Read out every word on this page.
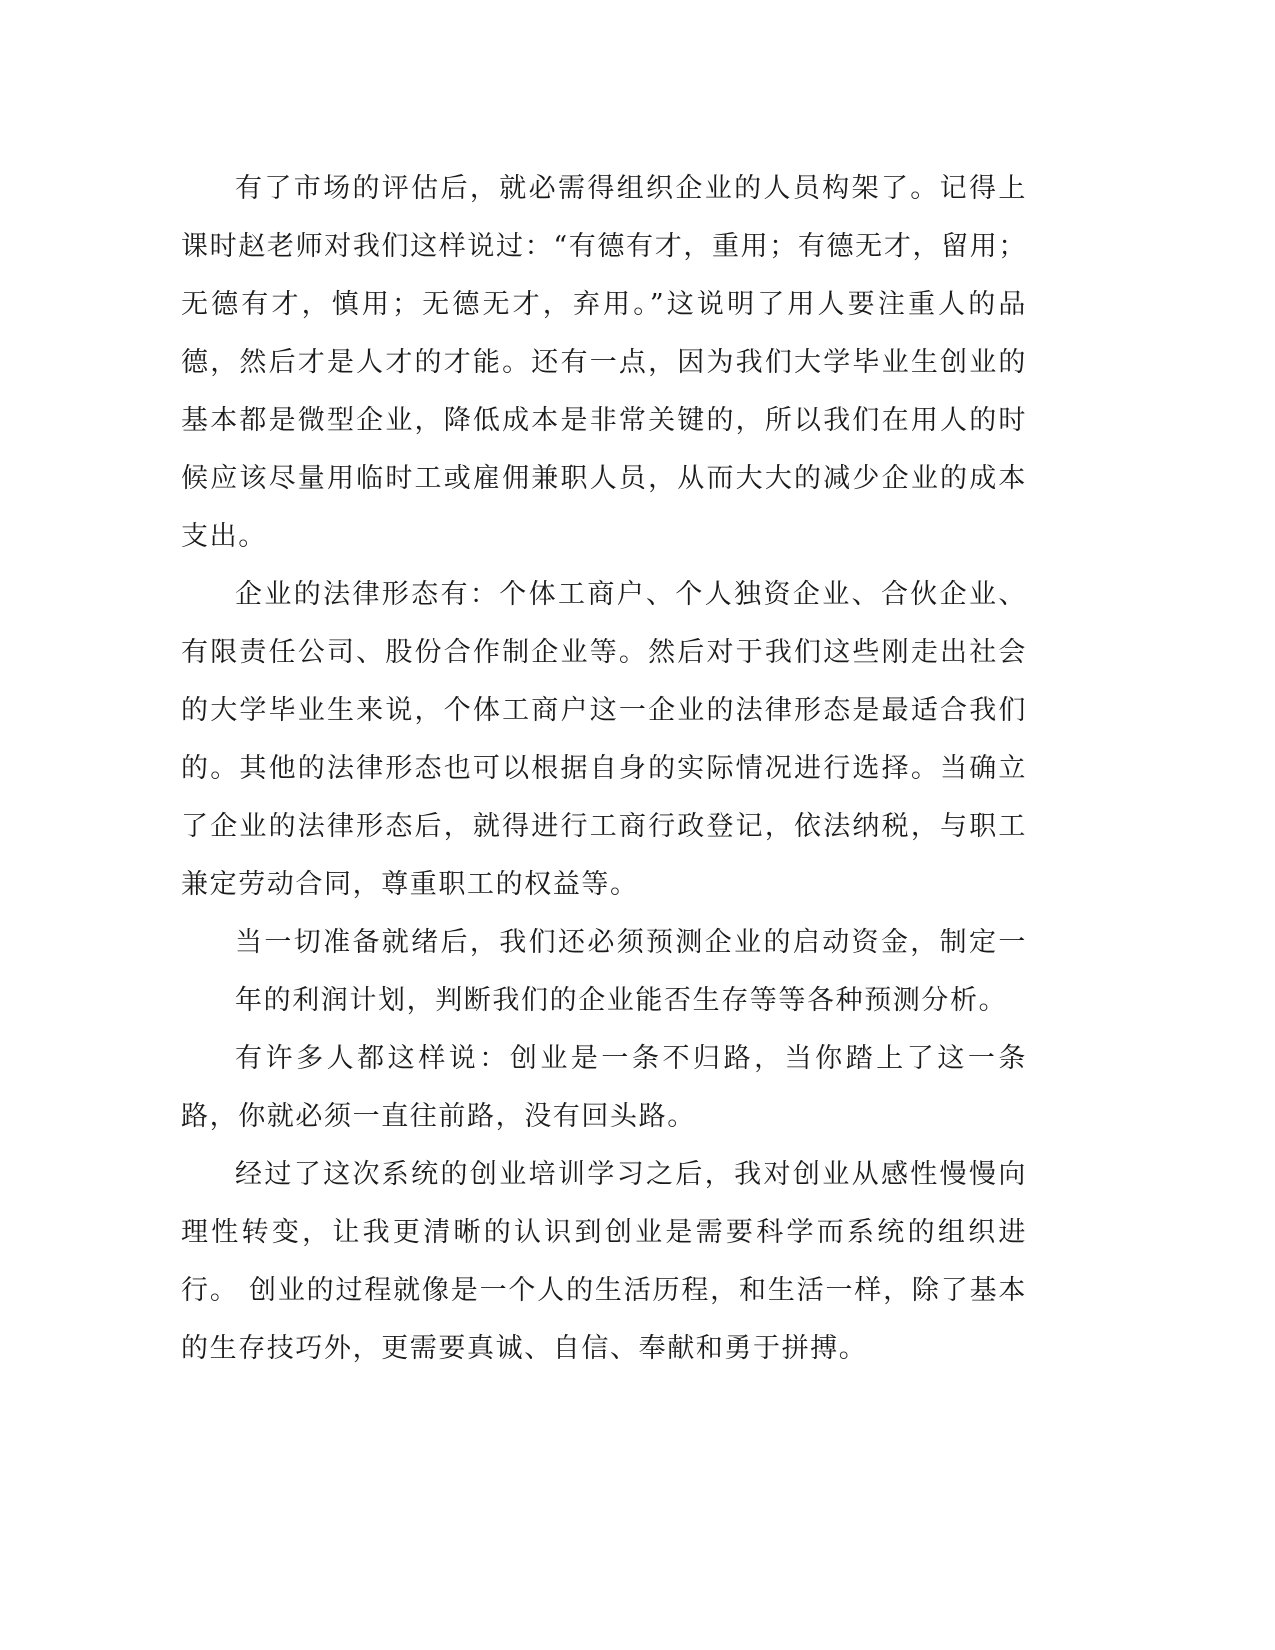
有了市场的评估后，就必需得组织企业的人员构架了。记得上课时赵老师对我们这样说过：“有德有才，重用；有德无才，留用；无德有才，慎用；无德无才，弃用。”这说明了用人要注重人的品德，然后才是人才的才能。还有一点，因为我们大学毕业生创业的基本都是微型企业，降低成本是非常关键的，所以我们在用人的时候应该尽量用临时工或雇佣兼职人员，从而大大的减少企业的成本支出。

企业的法律形态有：个体工商户、个人独资企业、合伙企业、有限责任公司、股份合作制企业等。然后对于我们这些刚走出社会的大学毕业生来说，个体工商户这一企业的法律形态是最适合我们的。其他的法律形态也可以根据自身的实际情况进行选择。当确立了企业的法律形态后，就得进行工商行政登记，依法纳税，与职工兼定劳动合同，尊重职工的权益等。

当一切准备就绪后，我们还必须预测企业的启动资金，制定一年的利润计划，判断我们的企业能否生存等等各种预测分析。

有许多人都这样说：创业是一条不归路，当你踏上了这一条路，你就必须一直往前路，没有回头路。

经过了这次系统的创业培训学习之后，我对创业从感性慢慢向理性转变，让我更清晰的认识到创业是需要科学而系统的组织进行。 创业的过程就像是一个人的生活历程，和生活一样，除了基本的生存技巧外，更需要真诚、自信、奉献和勇于拼搏。
